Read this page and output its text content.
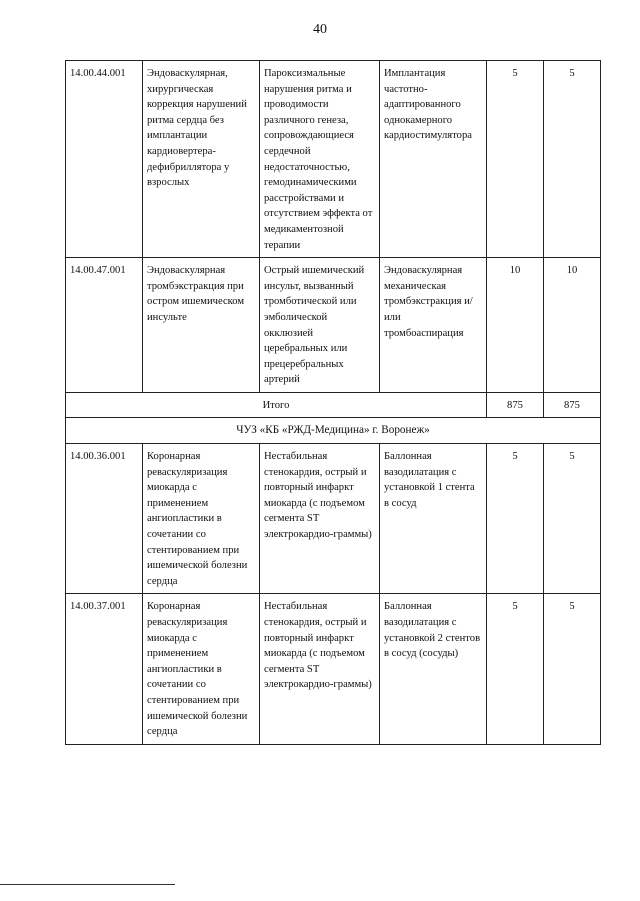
40
14.00.44.001	Эндоваскулярная, хирургическая коррекция нарушений ритма сердца без имплантации кардиовертера-дефибриллятора у взрослых	Пароксизмальные нарушения ритма и проводимости различного генеза, сопровождающиеся сердечной недостаточностью, гемодинамическими расстройствами и отсутствием эффекта от медикаментозной терапии	Имплантация частотно-адаптированного однокамерного кардиостимулятора	5	5
14.00.47.001	Эндоваскулярная тромбэкстракция при остром ишемическом инсульте	Острый ишемический инсульт, вызванный тромботической или эмболической окклюзией церебральных или прецеребральных артерий	Эндоваскулярная механическая тромбэкстракция и/или тромбоаспирация	10	10
Итого				875	875
ЧУЗ «КБ «РЖД-Медицина» г. Воронеж»					
14.00.36.001	Коронарная реваскуляризация миокарда с применением ангиопластики в сочетании со стентированием при ишемической болезни сердца	Нестабильная стенокардия, острый и повторный инфаркт миокарда (с подъемом сегмента ST электрокардио-граммы)	Баллонная вазодилатация с установкой 1 стента в сосуд	5	5
14.00.37.001	Коронарная реваскуляризация миокарда с применением ангиопластики в сочетании со стентированием при ишемической болезни сердца	Нестабильная стенокардия, острый и повторный инфаркт миокарда (с подъемом сегмента ST электрокардио-граммы)	Баллонная вазодилатация с установкой 2 стентов в сосуд (сосуды)	5	5
